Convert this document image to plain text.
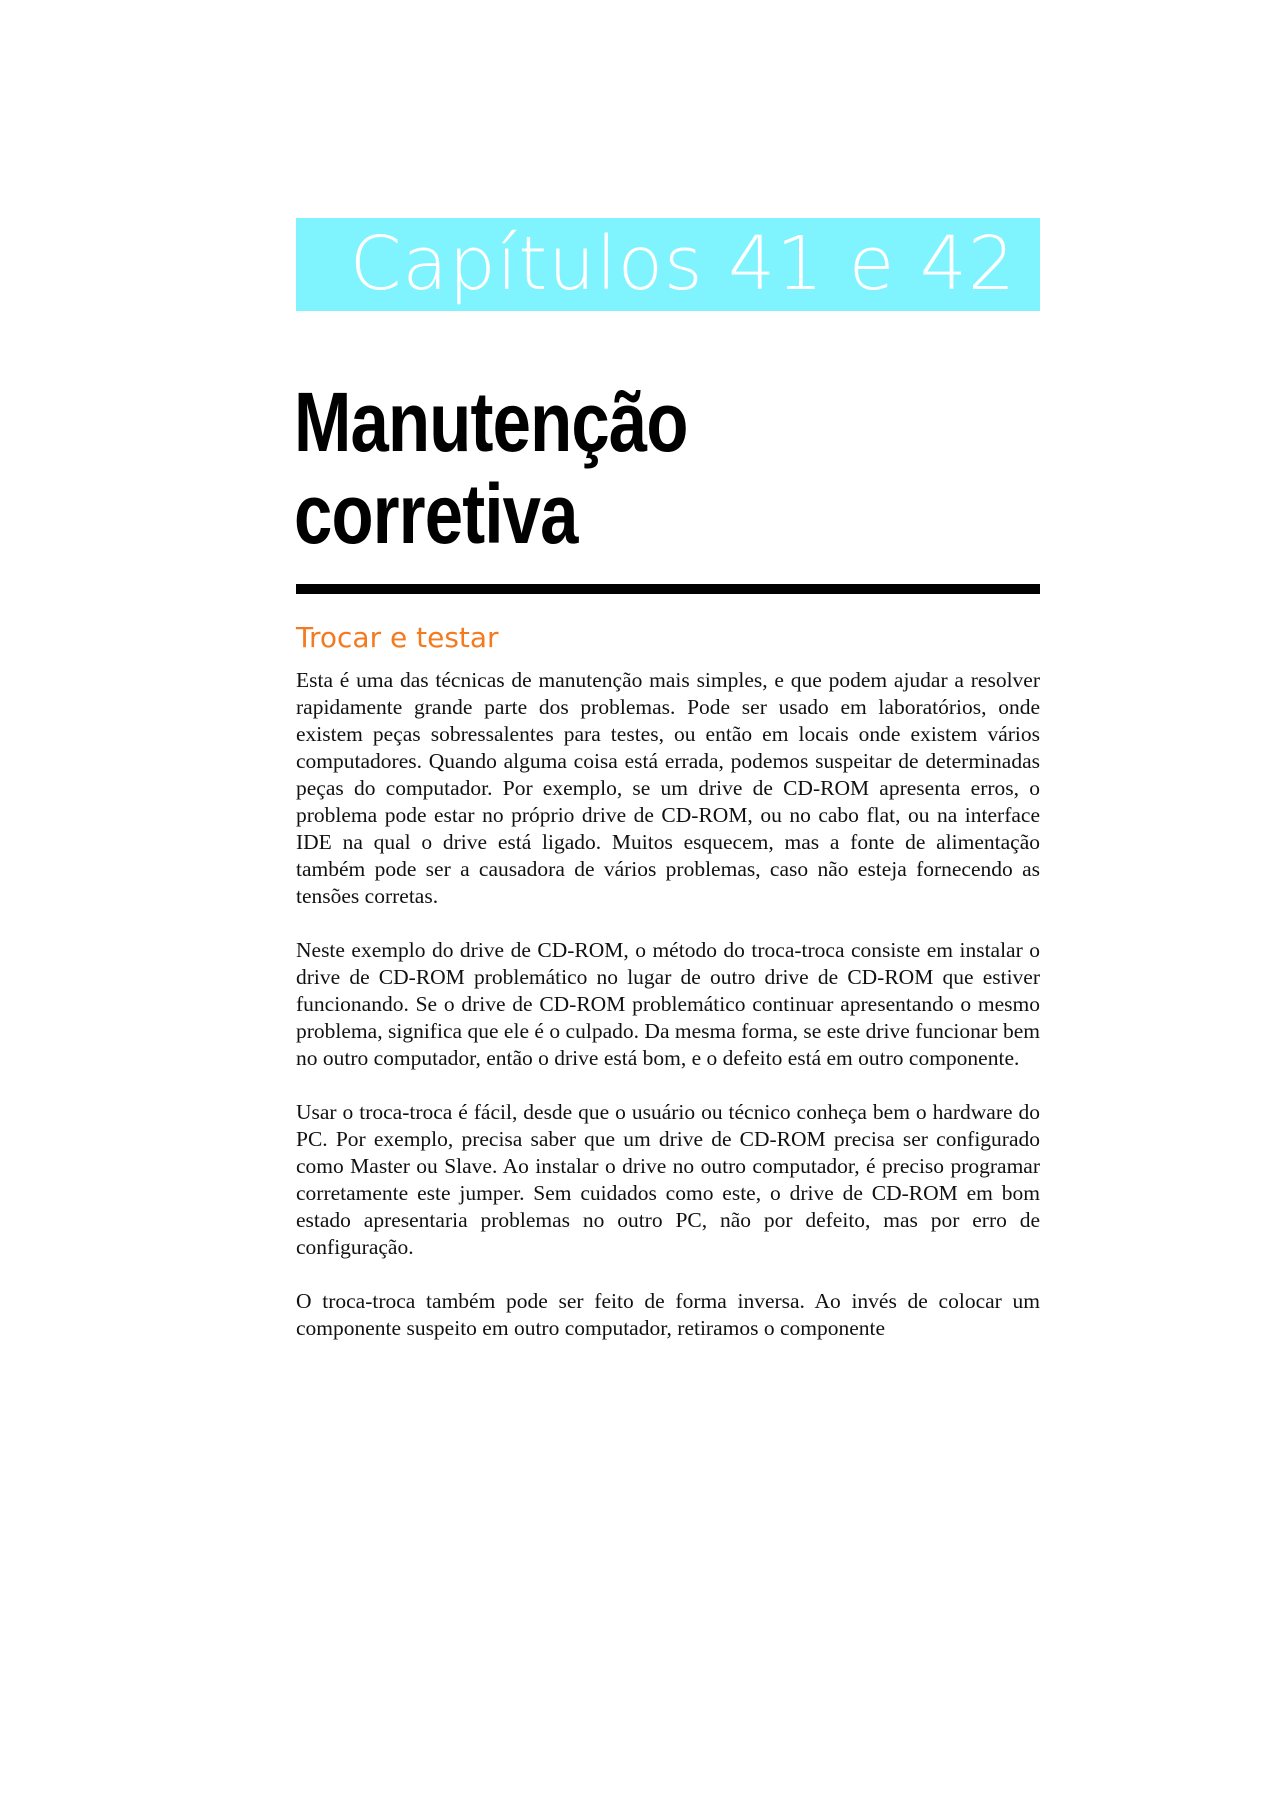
Capítulos 41 e 42
Manutenção
corretiva
Trocar e testar

Esta é uma das técnicas de manutenção mais simples, e que podem ajudar a resolver rapidamente grande parte dos problemas. Pode ser usado em laboratórios, onde existem peças sobressalentes para testes, ou então em locais onde existem vários computadores. Quando alguma coisa está errada, podemos suspeitar de determinadas peças do computador. Por exemplo, se um drive de CD-ROM apresenta erros, o problema pode estar no próprio drive de CD-ROM, ou no cabo flat, ou na interface IDE na qual o drive está ligado. Muitos esquecem, mas a fonte de alimentação também pode ser a causadora de vários problemas, caso não esteja fornecendo as tensões corretas.

Neste exemplo do drive de CD-ROM, o método do troca-troca consiste em instalar o drive de CD-ROM problemático no lugar de outro drive de CD-ROM que estiver funcionando. Se o drive de CD-ROM problemático continuar apresentando o mesmo problema, significa que ele é o culpado. Da mesma forma, se este drive funcionar bem no outro computador, então o drive está bom, e o defeito está em outro componente.

Usar o troca-troca é fácil, desde que o usuário ou técnico conheça bem o hardware do PC. Por exemplo, precisa saber que um drive de CD-ROM precisa ser configurado como Master ou Slave. Ao instalar o drive no outro computador, é preciso programar corretamente este jumper. Sem cuidados como este, o drive de CD-ROM em bom estado apresentaria problemas no outro PC, não por defeito, mas por erro de configuração.

O troca-troca também pode ser feito de forma inversa. Ao invés de colocar um componente suspeito em outro computador, retiramos o componente
